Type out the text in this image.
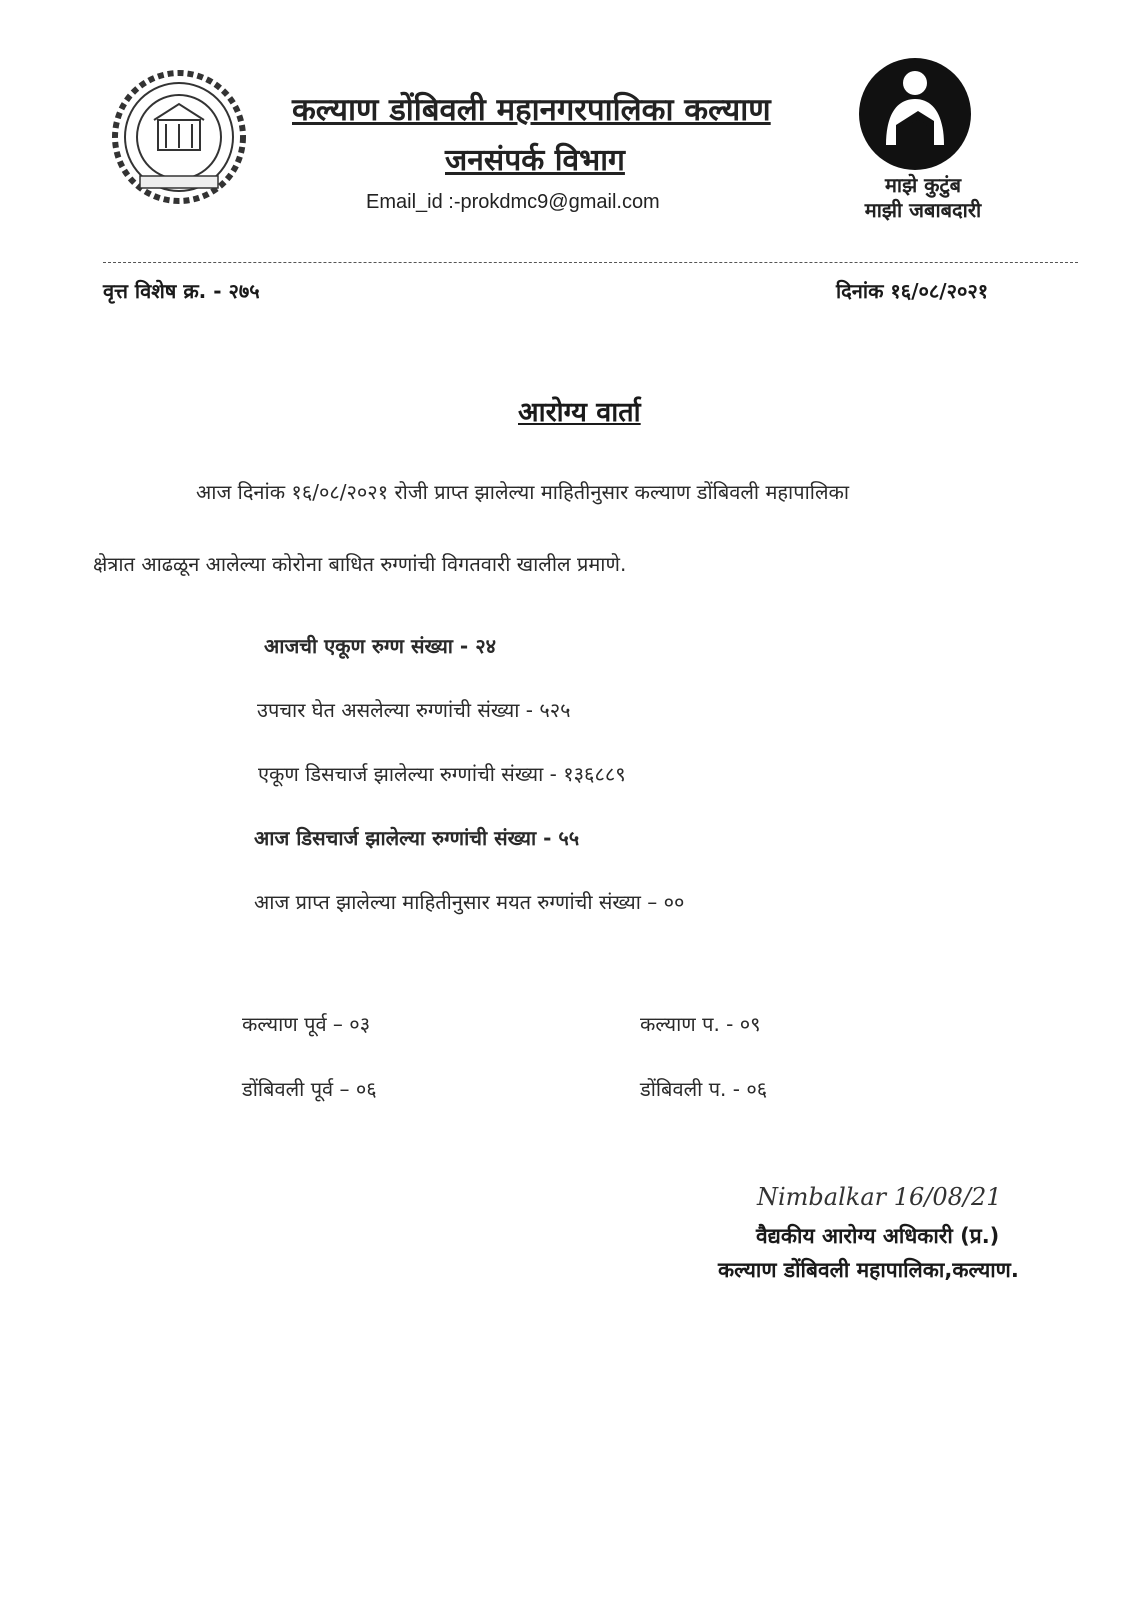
कल्याण डोंबिवली महानगरपालिका कल्याण
जनसंपर्क विभाग
Email_id :-prokdmc9@gmail.com
माझे कुटुंब
माझी जबाबदारी
वृत्त विशेष क्र. - २७५	दिनांक १६/०८/२०२१
आरोग्य वार्ता
आज दिनांक १६/०८/२०२१ रोजी प्राप्त झालेल्या माहितीनुसार कल्याण डोंबिवली महापालिका
क्षेत्रात आढळून आलेल्या कोरोना बाधित रुग्णांची विगतवारी खालील प्रमाणे.
आजची एकूण रुग्ण संख्या - २४
उपचार घेत असलेल्या रुग्णांची संख्या - ५२५
एकूण डिसचार्ज झालेल्या रुग्णांची संख्या - १३६८८९
आज डिसचार्ज झालेल्या रुग्णांची संख्या - ५५
आज प्राप्त झालेल्या माहितीनुसार मयत रुग्णांची संख्या – ००
कल्याण पूर्व – ०३	कल्याण प. - ०९
डोंबिवली पूर्व – ०६	डोंबिवली प. - ०६
Nimbalkar 16/08/21
वैद्यकीय आरोग्य अधिकारी (प्र.)
कल्याण डोंबिवली महापालिका,कल्याण.
